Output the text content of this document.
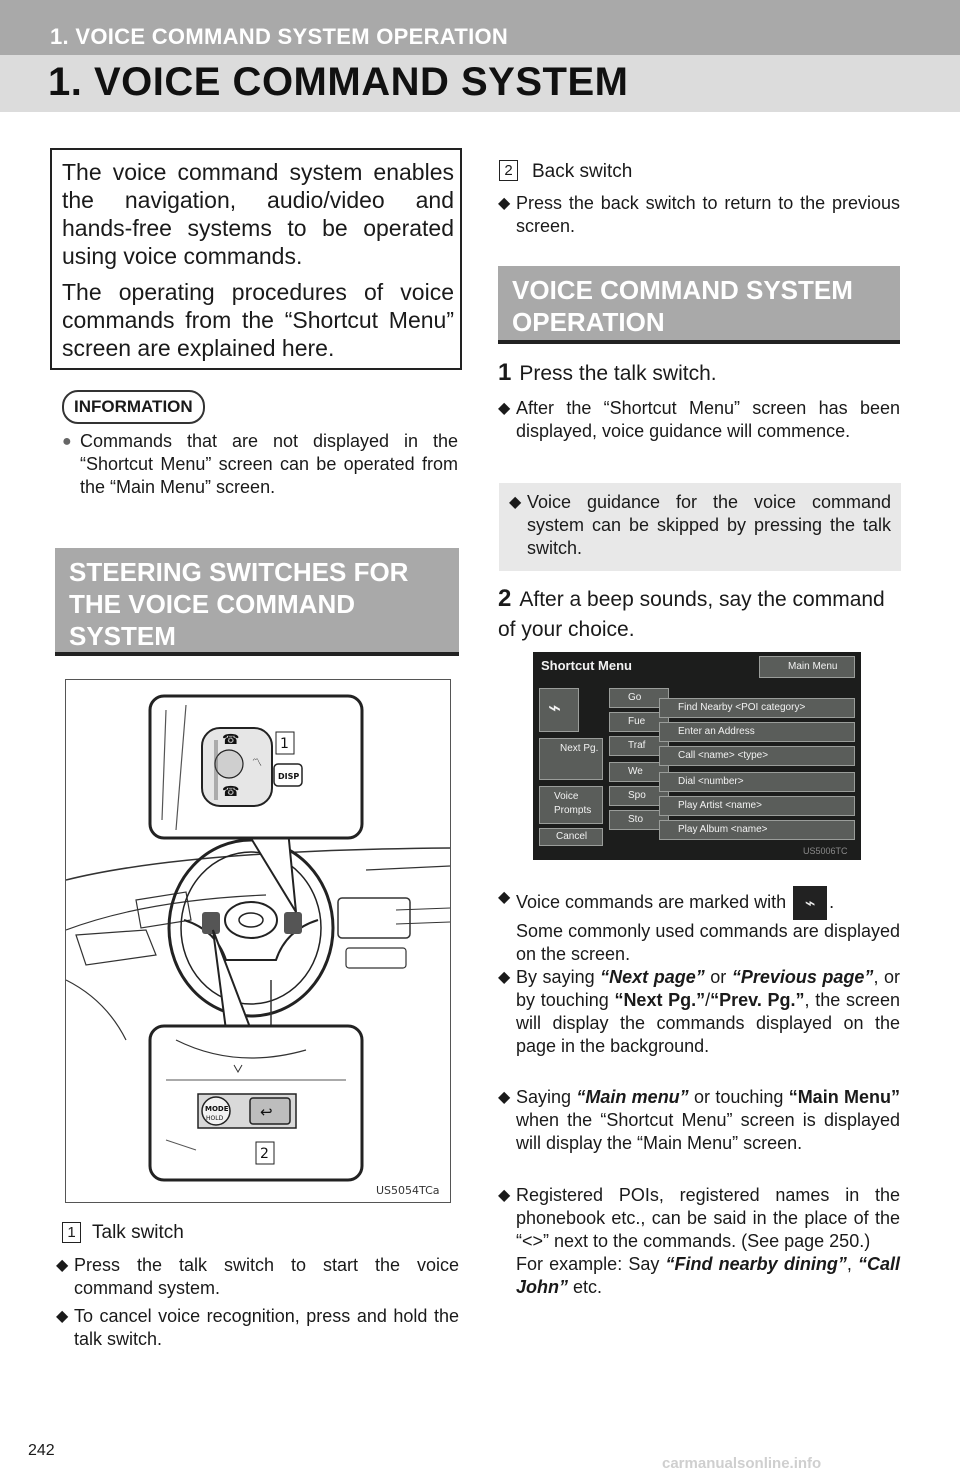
1. VOICE COMMAND SYSTEM OPERATION
1. VOICE COMMAND SYSTEM

The voice command system enables the navigation, audio/video and hands-free systems to be operated using voice commands.

The operating procedures of voice commands from the “Shortcut Menu” screen are explained here.

INFORMATION
● Commands that are not displayed in the “Shortcut Menu” screen can be operated from the “Main Menu” screen.
STEERING SWITCHES FOR THE VOICE COMMAND SYSTEM
☎
☎
DISP
1
〽
MODE
HOLD ↩
2
US5054TCa
1 Talk switch
◆ Press the talk switch to start the voice command system.
◆ To cancel voice recognition, press and hold the talk switch.
2 Back switch
◆ Press the back switch to return to the previous screen.
VOICE COMMAND SYSTEM OPERATION
1 Press the talk switch.
◆ After the “Shortcut Menu” screen has been displayed, voice guidance will commence.
◆ Voice guidance for the voice command system can be skipped by pressing the talk switch.
2 After a beep sounds, say the command of your choice.
Shortcut Menu	Main Menu
⌁
Next Pg.
Voice
Prompts
Cancel
Go
Fue
Traf
We
Spo
Sto
Find Nearby <POI category>
Enter an Address
Call <name> <type>
Dial <number>
Play Artist <name>
Play Album <name>
US5006TC
◆ Voice commands are marked with ⌁ .
Some commonly used commands are displayed on the screen.
◆ By saying “Next page” or “Previous page”, or by touching “Next Pg.”/“Prev. Pg.”, the screen will display the commands displayed on the page in the background.
◆ Saying “Main menu” or touching “Main Menu” when the “Shortcut Menu” screen is displayed will display the “Main Menu” screen.
◆ Registered POIs, registered names in the phonebook etc., can be said in the place of the “<>” next to the commands. (See page 250.)
For example: Say “Find nearby dining”, “Call John” etc.
242
carmanualsonline.info
